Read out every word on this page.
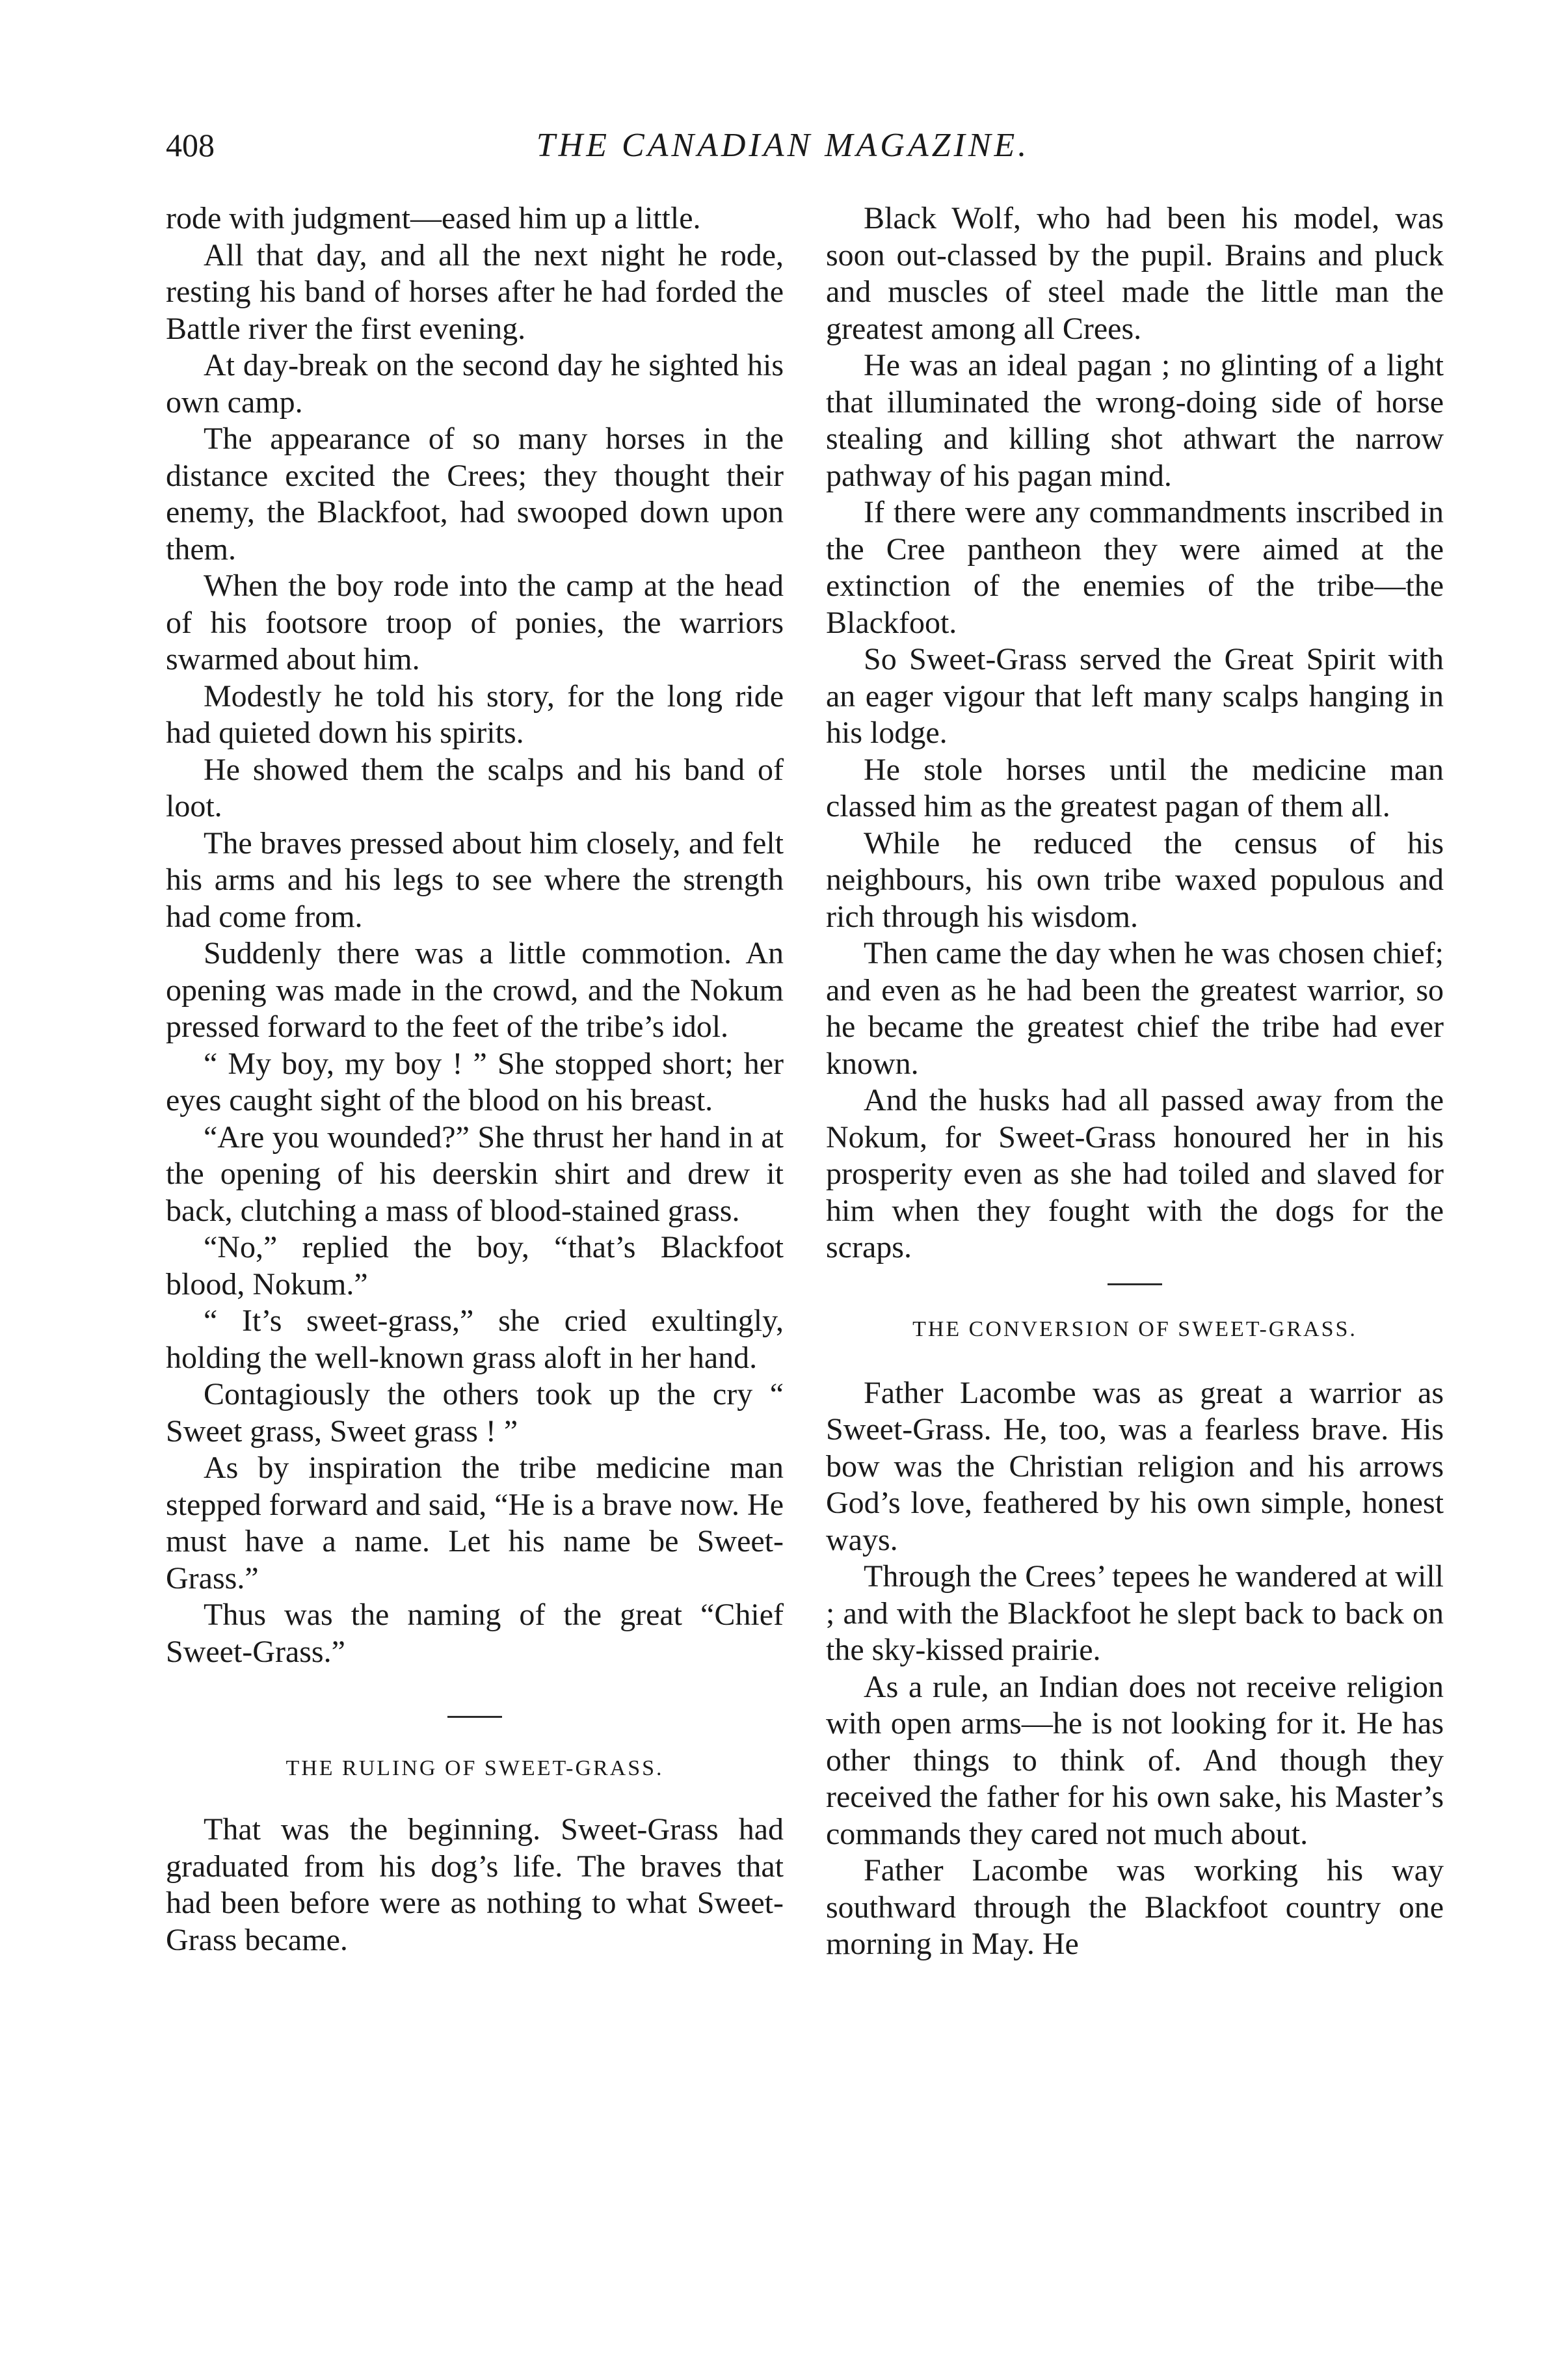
408	THE CANADIAN MAGAZINE.

rode with judgment—eased him up a little.

All that day, and all the next night he rode, resting his band of horses after he had forded the Battle river the first evening.

At day-break on the second day he sighted his own camp.

The appearance of so many horses in the distance excited the Crees; they thought their enemy, the Blackfoot, had swooped down upon them.

When the boy rode into the camp at the head of his footsore troop of ponies, the warriors swarmed about him.

Modestly he told his story, for the long ride had quieted down his spirits.

He showed them the scalps and his band of loot.

The braves pressed about him closely, and felt his arms and his legs to see where the strength had come from.

Suddenly there was a little commotion. An opening was made in the crowd, and the Nokum pressed forward to the feet of the tribe’s idol.

“ My boy, my boy ! ” She stopped short; her eyes caught sight of the blood on his breast.

“Are you wounded?” She thrust her hand in at the opening of his deerskin shirt and drew it back, clutching a mass of blood-stained grass.

“No,” replied the boy, “that’s Blackfoot blood, Nokum.”

“ It’s sweet-grass,” she cried exultingly, holding the well-known grass aloft in her hand.

Contagiously the others took up the cry “ Sweet grass, Sweet grass ! ”

As by inspiration the tribe medicine man stepped forward and said, “He is a brave now. He must have a name. Let his name be Sweet-Grass.”

Thus was the naming of the great “Chief Sweet-Grass.”

THE RULING OF SWEET-GRASS.

That was the beginning. Sweet-Grass had graduated from his dog’s life. The braves that had been before were as nothing to what Sweet-Grass became.

Black Wolf, who had been his model, was soon out-classed by the pupil. Brains and pluck and muscles of steel made the little man the greatest among all Crees.

He was an ideal pagan ; no glinting of a light that illuminated the wrong-doing side of horse stealing and killing shot athwart the narrow pathway of his pagan mind.

If there were any commandments inscribed in the Cree pantheon they were aimed at the extinction of the enemies of the tribe—the Blackfoot.

So Sweet-Grass served the Great Spirit with an eager vigour that left many scalps hanging in his lodge.

He stole horses until the medicine man classed him as the greatest pagan of them all.

While he reduced the census of his neighbours, his own tribe waxed populous and rich through his wisdom.

Then came the day when he was chosen chief; and even as he had been the greatest warrior, so he became the greatest chief the tribe had ever known.

And the husks had all passed away from the Nokum, for Sweet-Grass honoured her in his prosperity even as she had toiled and slaved for him when they fought with the dogs for the scraps.

THE CONVERSION OF SWEET-GRASS.

Father Lacombe was as great a warrior as Sweet-Grass. He, too, was a fearless brave. His bow was the Christian religion and his arrows God’s love, feathered by his own simple, honest ways.

Through the Crees’ tepees he wandered at will ; and with the Blackfoot he slept back to back on the sky-kissed prairie.

As a rule, an Indian does not receive religion with open arms—he is not looking for it. He has other things to think of. And though they received the father for his own sake, his Master’s commands they cared not much about.

Father Lacombe was working his way southward through the Blackfoot country one morning in May. He
